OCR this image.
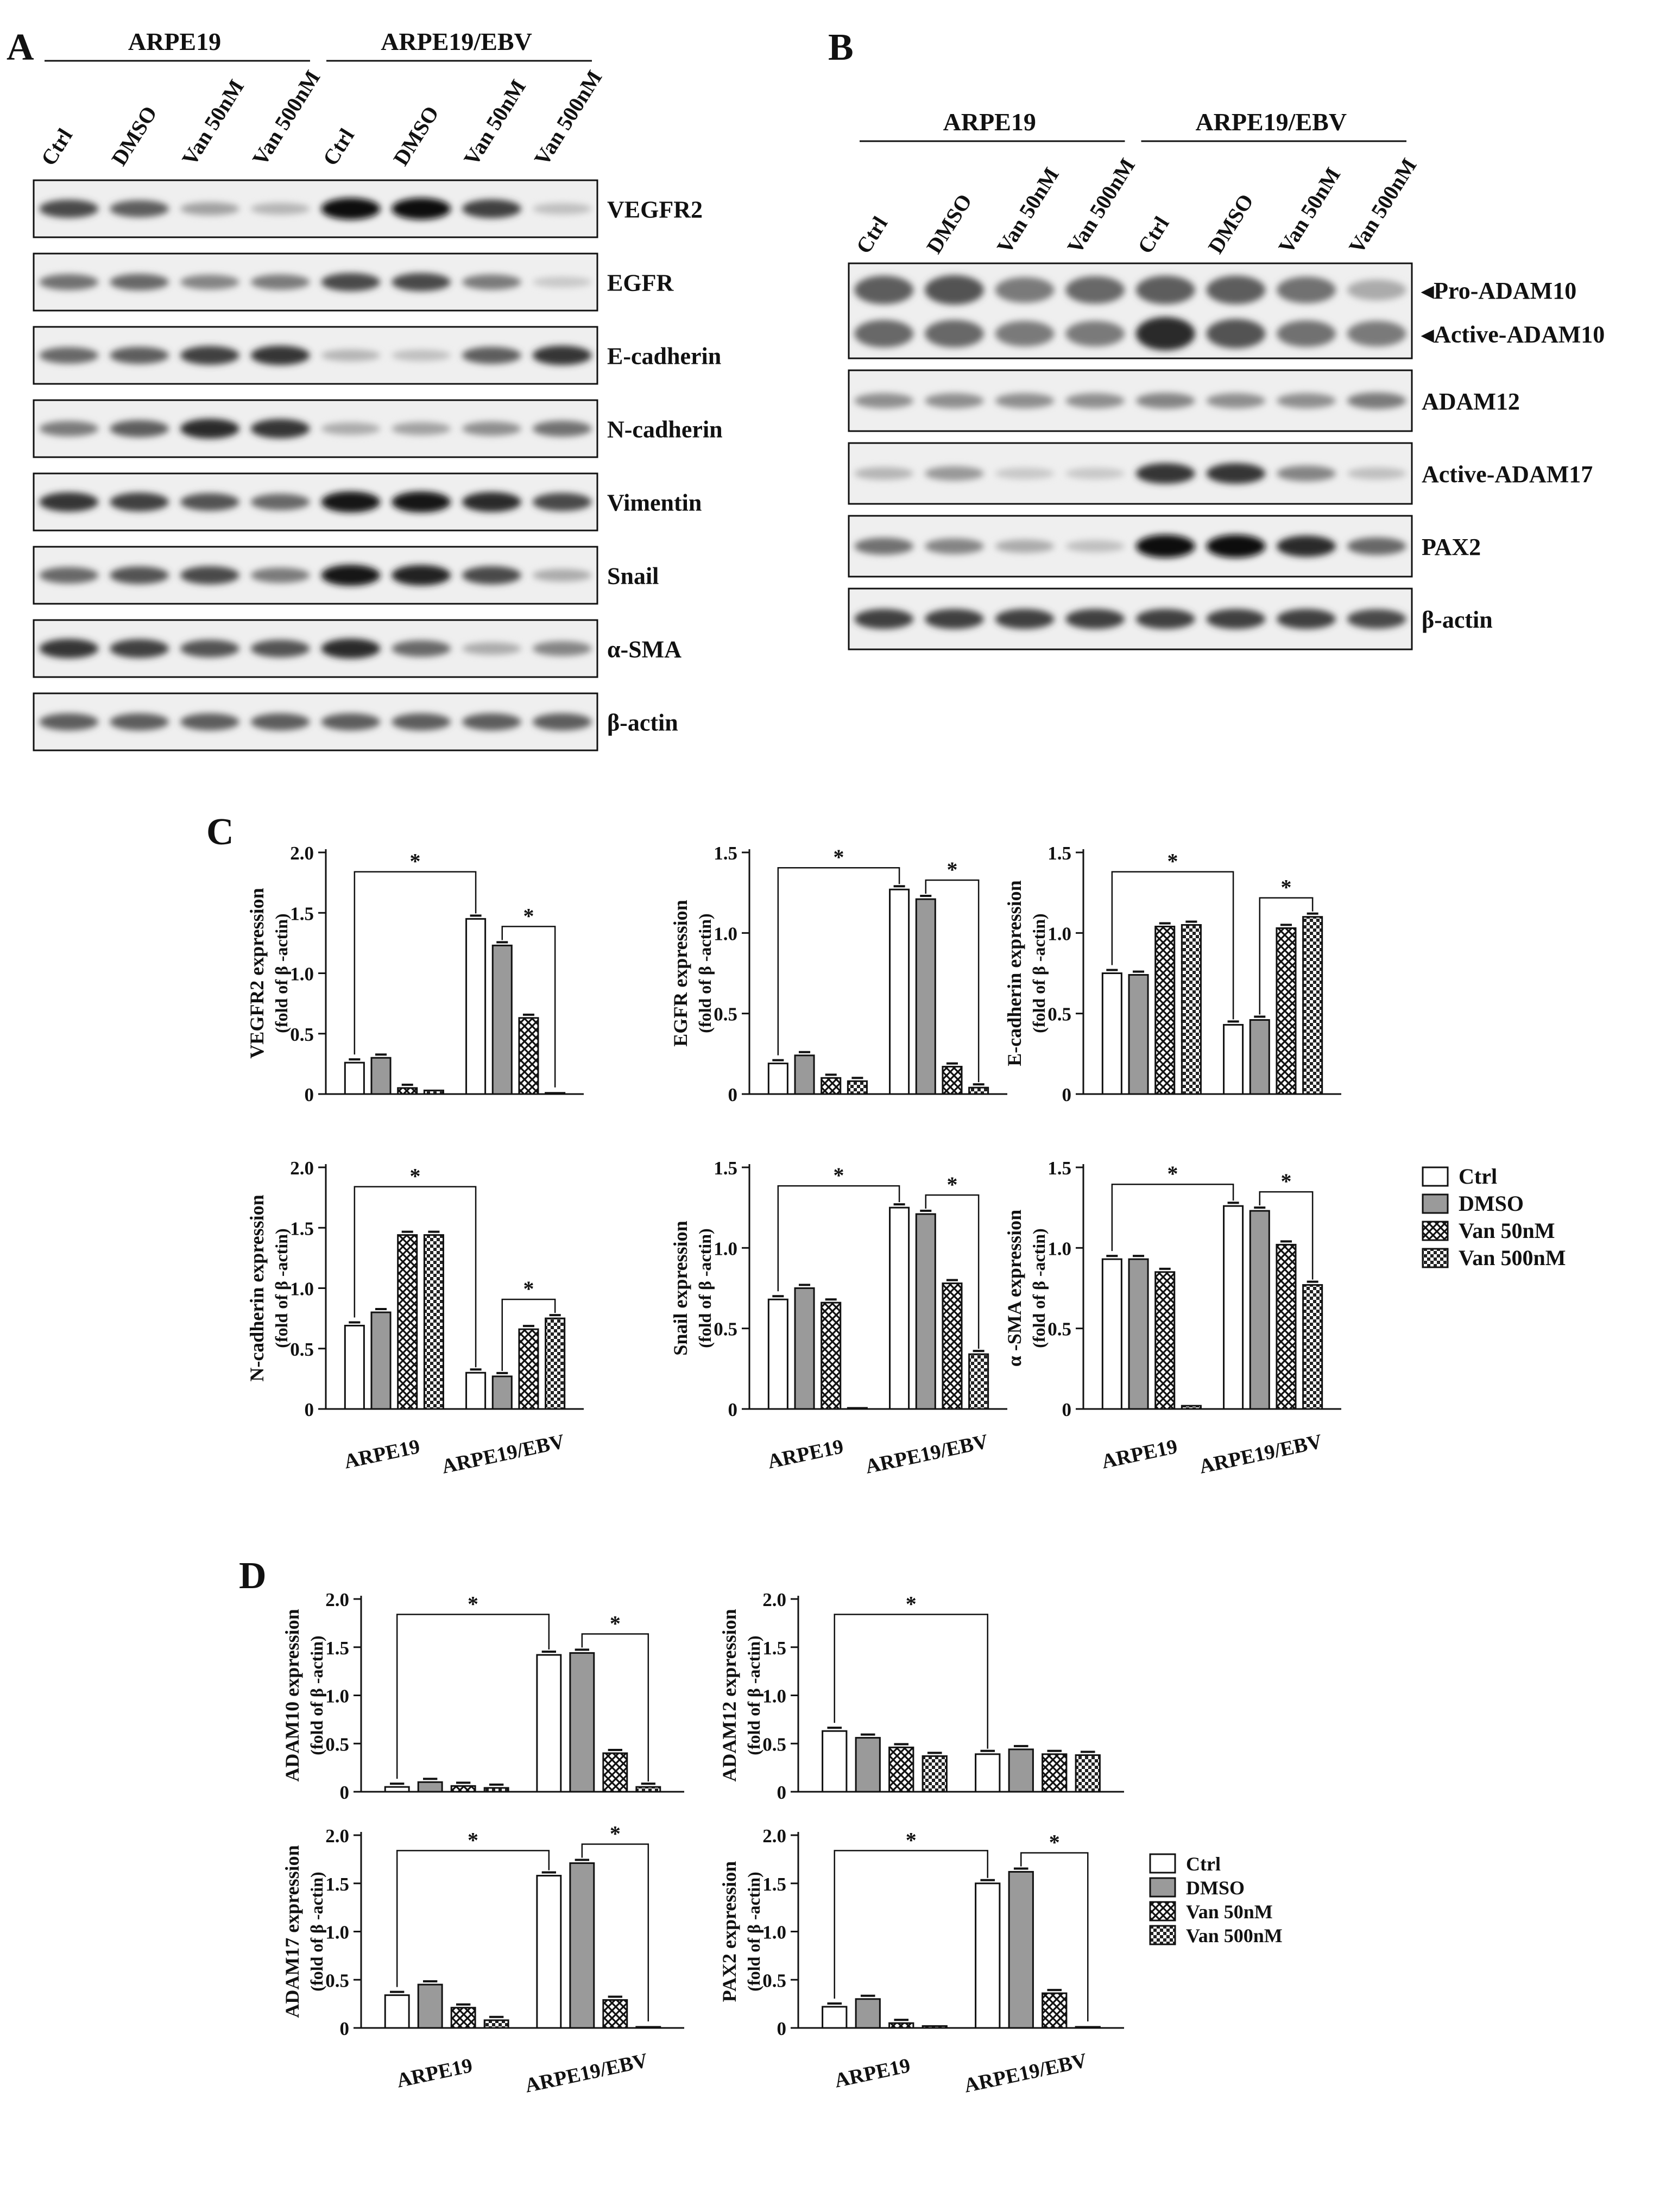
A	B
C
D
ARPE19	ARPE19/EBV
Ctrl DMSO Van 50nM
Van 500nM
Ctrl DMSO Van 50nM
Van 500nM
VEGFR2
EGFR
E-cadherin
N-cadherin
Vimentin
Snail
α-SMA
β-actin
ARPE19	ARPE19/EBV
Ctrl DMSO Van 50nM
Van 500nM
Ctrl DMSO Van 50nM
Van 500nM
◂Pro-ADAM10
◂Active-ADAM10
ADAM12
Active-ADAM17
PAX2
β-actin
0
0.5
1.0
1.5
2.0
VEGFR2 expression (fold of β -actin)
*
*
0
0.5
1.0
1.5
EGFR expression (fold of β -actin)
*
*
0
0.5
1.0
1.5
E-cadherin expression (fold of β -actin)
*
*
0
0.5
1.0
1.5
2.0
N-cadherin expression (fold of β -actin)
*
*
ARPE19 ARPE19/EBV
0
0.5
1.0
1.5
Snail expression (fold of β -actin)
*	*
ARPE19 ARPE19/EBV
0
0.5
1.0
1.5
α -SMA expression (fold of β -actin)
*	*
ARPE19 ARPE19/EBV
0
0.5
1.0
1.5
2.0
ADAM10 expression (fold of β -actin)
*
*
0
0.5
1.0
1.5
2.0
ADAM12 expression (fold of β -actin)
*
0
0.5
1.0
1.5
2.0
ADAM17 expression (fold of β -actin)
*	*
ARPE19 ARPE19/EBV
0
0.5
1.0
1.5
2.0
PAX2 expression (fold of β -actin)
*	*
ARPE19 ARPE19/EBV
Ctrl
DMSO
Van 50nM
Van 500nM
Ctrl
DMSO
Van 50nM
Van 500nM
